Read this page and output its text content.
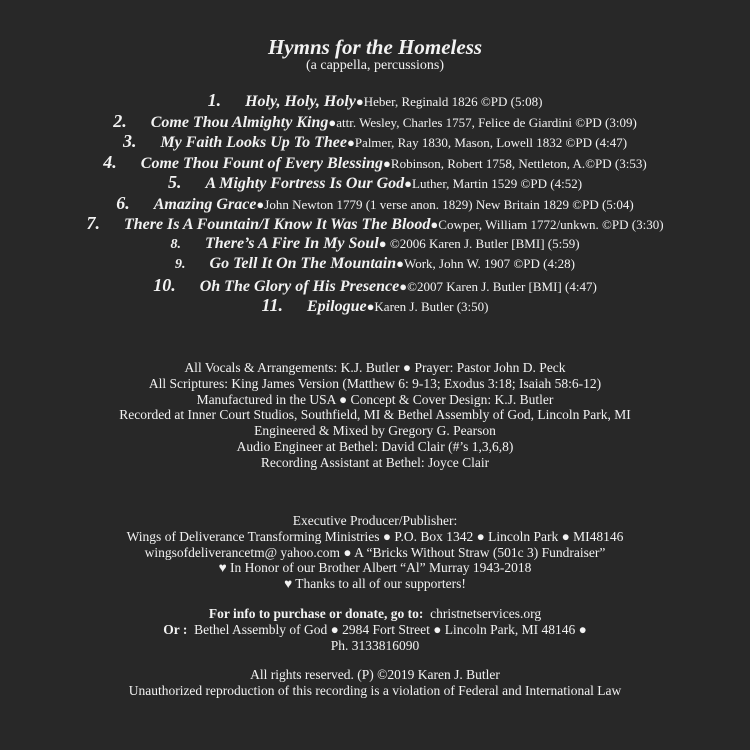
Hymns for the Homeless
(a cappella, percussions)
1. Holy, Holy, Holy●Heber, Reginald 1826 ©PD (5:08)
2. Come Thou Almighty King●attr. Wesley, Charles 1757, Felice de Giardini ©PD (3:09)
3. My Faith Looks Up To Thee●Palmer, Ray 1830, Mason, Lowell 1832 ©PD (4:47)
4. Come Thou Fount of Every Blessing●Robinson, Robert 1758, Nettleton, A.©PD (3:53)
5. A Mighty Fortress Is Our God●Luther, Martin 1529 ©PD (4:52)
6. Amazing Grace●John Newton 1779 (1 verse anon. 1829) New Britain 1829 ©PD (5:04)
7. There Is A Fountain/I Know It Was The Blood●Cowper, William 1772/unkwn. ©PD (3:30)
8. There’s A Fire In My Soul● ©2006 Karen J. Butler [BMI] (5:59)
9. Go Tell It On The Mountain●Work, John W. 1907 ©PD (4:28)
10. Oh The Glory of His Presence●©2007 Karen J. Butler [BMI] (4:47)
11. Epilogue●Karen J. Butler (3:50)
All Vocals & Arrangements: K.J. Butler ● Prayer: Pastor John D. Peck
All Scriptures: King James Version (Matthew 6: 9-13; Exodus 3:18; Isaiah 58:6-12)
Manufactured in the USA ● Concept & Cover Design: K.J. Butler
Recorded at Inner Court Studios, Southfield, MI & Bethel Assembly of God, Lincoln Park, MI
Engineered & Mixed by Gregory G. Pearson
Audio Engineer at Bethel: David Clair (#’s 1,3,6,8)
Recording Assistant at Bethel: Joyce Clair
Executive Producer/Publisher:
Wings of Deliverance Transforming Ministries ● P.O. Box 1342 ● Lincoln Park ● MI48146
wingsofdeliverancetm@ yahoo.com ● A “Bricks Without Straw (501c 3) Fundraiser”
♥ In Honor of our Brother Albert “Al” Murray 1943-2018
♥ Thanks to all of our supporters!
For info to purchase or donate, go to: christnetservices.org
Or : Bethel Assembly of God ● 2984 Fort Street ● Lincoln Park, MI 48146 ●
Ph. 3133816090
All rights reserved. (P) ©2019 Karen J. Butler
Unauthorized reproduction of this recording is a violation of Federal and International Law
